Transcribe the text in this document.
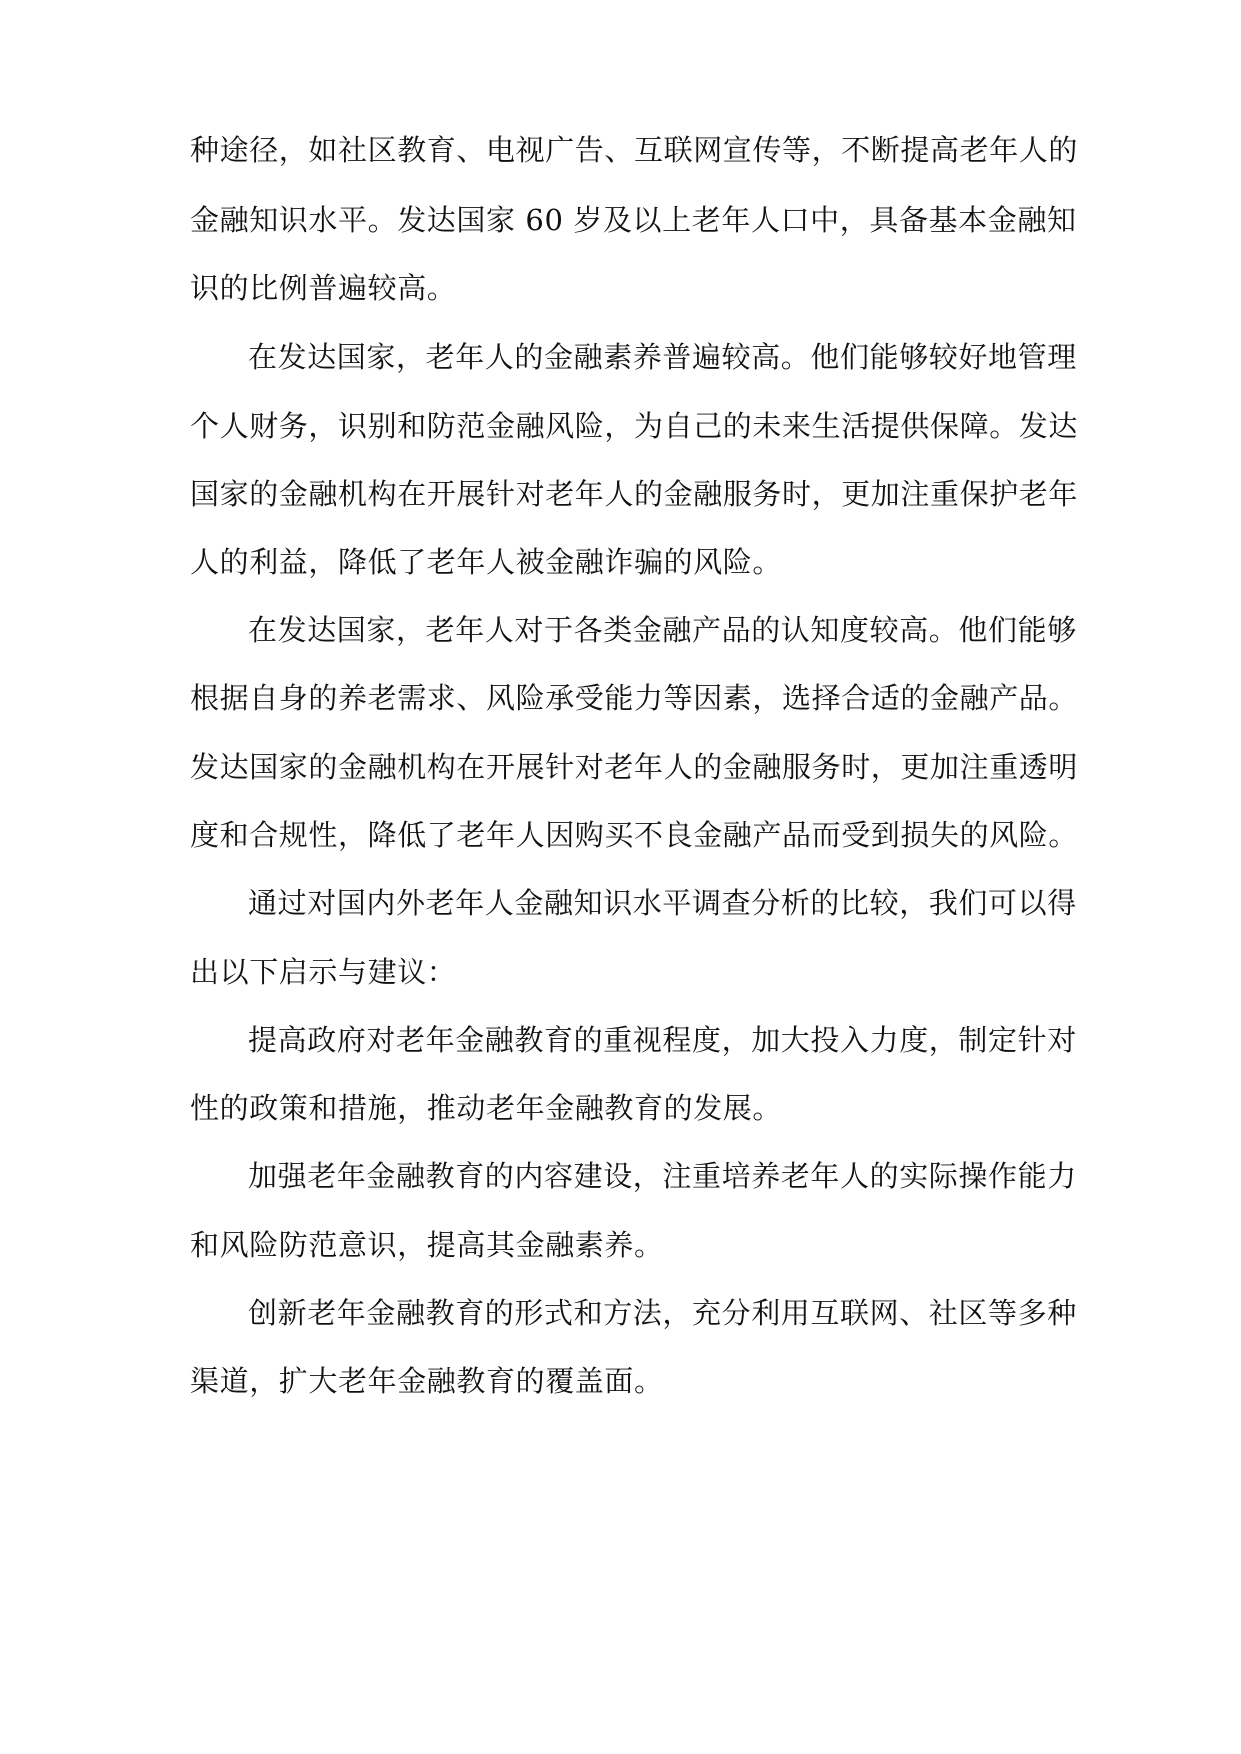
种途径，如社区教育、电视广告、互联网宣传等，不断提高老年人的
金融知识水平。发达国家 60 岁及以上老年人口中，具备基本金融知
识的比例普遍较高。
在发达国家，老年人的金融素养普遍较高。他们能够较好地管理
个人财务，识别和防范金融风险，为自己的未来生活提供保障。发达
国家的金融机构在开展针对老年人的金融服务时，更加注重保护老年
人的利益，降低了老年人被金融诈骗的风险。
在发达国家，老年人对于各类金融产品的认知度较高。他们能够
根据自身的养老需求、风险承受能力等因素，选择合适的金融产品。
发达国家的金融机构在开展针对老年人的金融服务时，更加注重透明
度和合规性，降低了老年人因购买不良金融产品而受到损失的风险。
通过对国内外老年人金融知识水平调查分析的比较，我们可以得
出以下启示与建议：
提高政府对老年金融教育的重视程度，加大投入力度，制定针对
性的政策和措施，推动老年金融教育的发展。
加强老年金融教育的内容建设，注重培养老年人的实际操作能力
和风险防范意识，提高其金融素养。
创新老年金融教育的形式和方法，充分利用互联网、社区等多种
渠道，扩大老年金融教育的覆盖面。
